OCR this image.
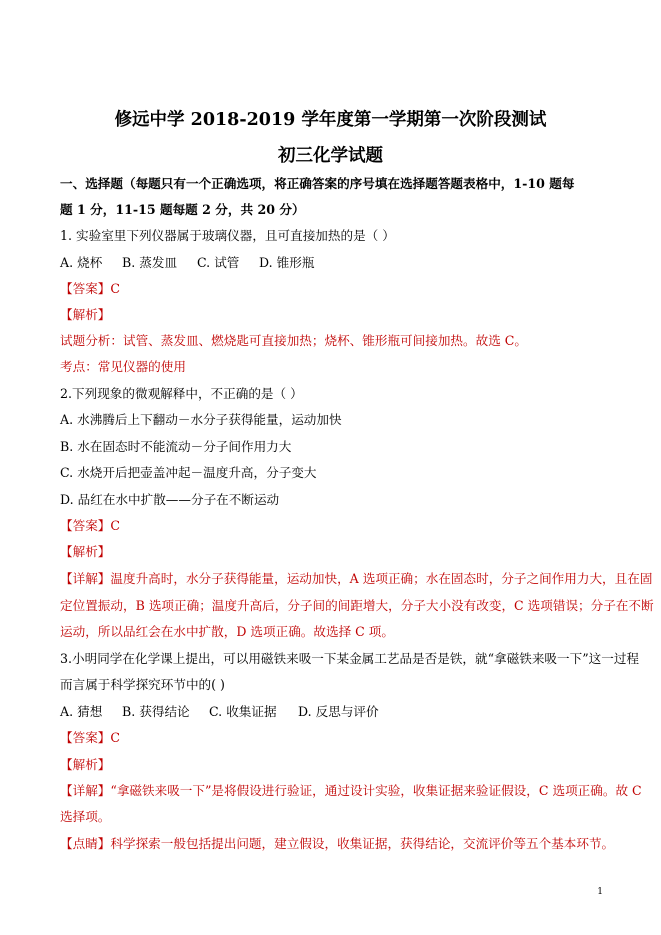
修远中学 2018-2019 学年度第一学期第一次阶段测试
初三化学试题
一、选择题（每题只有一个正确选项，将正确答案的序号填在选择题答题表格中，1-10 题每
题 1 分，11-15 题每题 2 分，共 20 分）
1. 实验室里下列仪器属于玻璃仪器，且可直接加热的是（ ）
A. 烧杯 B. 蒸发皿 C. 试管 D. 锥形瓶
【答案】C
【解析】
试题分析：试管、蒸发皿、燃烧匙可直接加热；烧杯、锥形瓶可间接加热。故选 C。
考点：常见仪器的使用
2.下列现象的微观解释中，不正确的是（ ）
A. 水沸腾后上下翻动－水分子获得能量，运动加快
B. 水在固态时不能流动－分子间作用力大
C. 水烧开后把壶盖冲起－温度升高，分子变大
D. 品红在水中扩散——分子在不断运动
【答案】C
【解析】
【详解】温度升高时，水分子获得能量，运动加快，A 选项正确；水在固态时，分子之间作用力大，且在固
定位置振动，B 选项正确；温度升高后，分子间的间距增大，分子大小没有改变，C 选项错误；分子在不断
运动，所以品红会在水中扩散，D 选项正确。故选择 C 项。
3.小明同学在化学课上提出，可以用磁铁来吸一下某金属工艺品是否是铁，就“拿磁铁来吸一下”这一过程
而言属于科学探究环节中的( )
A. 猜想 B. 获得结论 C. 收集证据 D. 反思与评价
【答案】C
【解析】
【详解】“拿磁铁来吸一下”是将假设进行验证，通过设计实验，收集证据来验证假设，C 选项正确。故 C
选择项。
【点睛】科学探索一般包括提出问题，建立假设，收集证据，获得结论，交流评价等五个基本环节。
1
